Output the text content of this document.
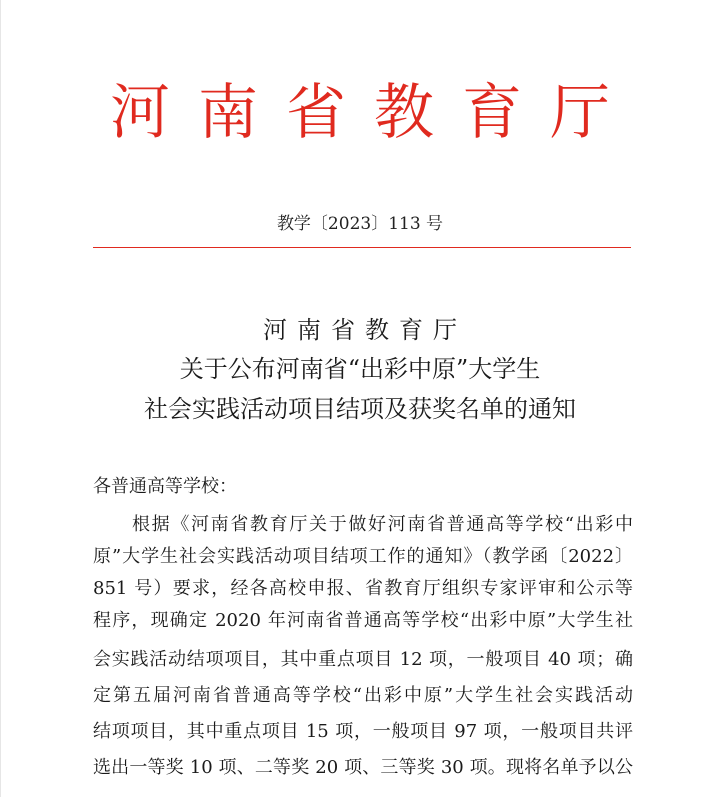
河南省教育厅
教学〔2023〕113 号
河南省教育厅
关于公布河南省“出彩中原”大学生
社会实践活动项目结项及获奖名单的通知
各普通高等学校：
根据《河南省教育厅关于做好河南省普通高等学校“出彩中
原”大学生社会实践活动项目结项工作的通知》（教学函〔2022〕
851 号）要求，经各高校申报、省教育厅组织专家评审和公示等
程序，现确定 2020 年河南省普通高等学校“出彩中原”大学生社
会实践活动结项项目，其中重点项目 12 项，一般项目 40 项；确
定第五届河南省普通高等学校“出彩中原”大学生社会实践活动
结项项目，其中重点项目 15 项，一般项目 97 项，一般项目共评
选出一等奖 10 项、二等奖 20 项、三等奖 30 项。现将名单予以公
